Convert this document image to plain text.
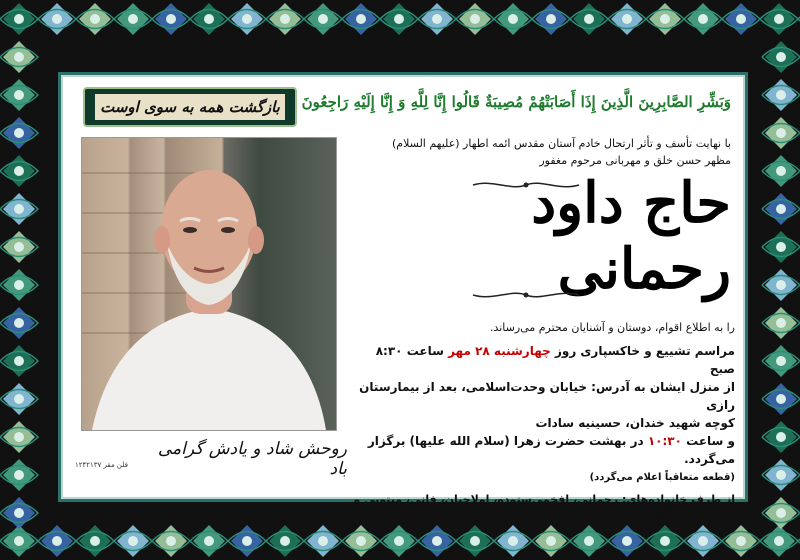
وَبَشِّرِ الصَّابِرِينَ الَّذِينَ إِذَا أَصَابَتْهُمْ مُصِيبَةٌ قَالُوا إِنَّا لِلَّهِ وَ إِنَّا إِلَيْهِ رَاجِعُونَ
بازگشت همه به سوی اوست
با نهایت تأسف و تأثر ارتحال خادم آستان مقدس ائمه اطهار (علیهم السلام)
مظهر حسن خلق و مهربانی مرحوم مغفور
حاج داود رحمانی
را به اطلاع اقوام، دوستان و آشنایان محترم می‌رساند.
مراسم تشییع و خاکسپاری روز چهارشنبه ۲۸ مهر ساعت ۸:۳۰ صبح
از منزل ایشان به آدرس: خیابان وحدت‌اسلامی، بعد از بیمارستان رازی
کوچه شهید خندان، حسینیه سادات
و ساعت ۱۰:۳۰ در بهشت حضرت زهرا (سلام الله علیها) برگزار می‌گردد.
(قطعه متعاقباً اعلام می‌گردد)
از طرف خانواده‌های: رحمانی، افخمی‌ستوده، اولاچیان، فانی، میتویی و سایر وابستگان
روحش شاد و یادش گرامی باد
فلن مقر ۱۲۴۲۱۳۷
